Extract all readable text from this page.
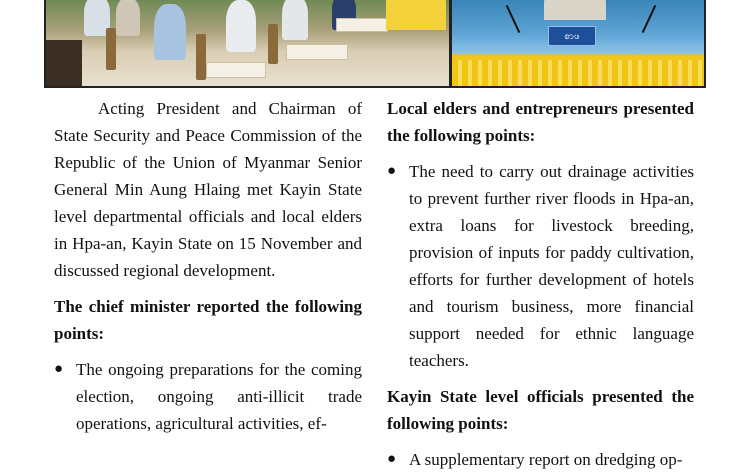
စာဖ

Acting President and Chairman of State Security and Peace Commission of the Republic of the Union of Myanmar Senior General Min Aung Hlaing met Kayin State level departmental officials and local elders in Hpa-an, Kayin State on 15 November and discussed regional development.

The chief minister reported the following points:

● The ongoing preparations for the coming election, ongoing anti-illicit trade operations, agricultural activities, ef-

Local elders and entrepreneurs presented the following points:

● The need to carry out drainage activities to prevent further river floods in Hpa-an, extra loans for livestock breeding, provision of inputs for paddy cultivation, efforts for further development of hotels and tourism business, more financial support needed for ethnic language teachers.

Kayin State level officials presented the following points:

● A supplementary report on dredging op-
